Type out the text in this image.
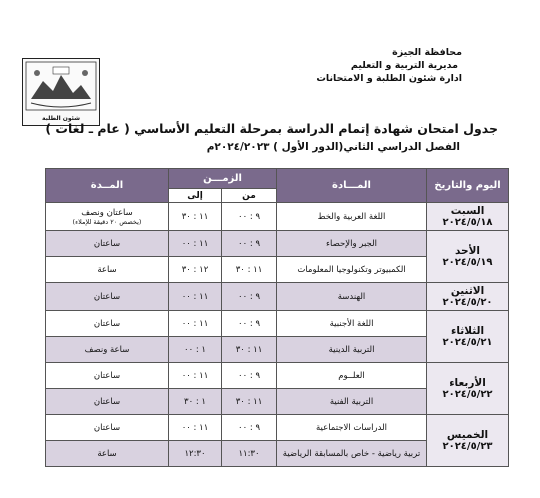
شئون الطلبة
محافظة الجيزة
مديرية التربية و التعليم
ادارة شئون الطلبة و الامتحانات
جدول امتحان شهادة إتمام الدراسة بمرحلة التعليم الأساسي ( عام ـ لغات )
الفصل الدراسي الثاني(الدور الأول ) ٢٠٢٤/٢٠٢٣م
اليوم والتاريخ	المـــادة	الزمـــن		المــدة
		من	إلى	

السبت
٢٠٢٤/٥/١٨	اللغة العربية والخط	٩ : ٠٠	١١ : ٣٠	ساعتان ونصف
(يخصص ٢٠ دقيقة للإملاء)

الأحد
٢٠٢٤/٥/١٩	الجبر والإحصاء	٩ : ٠٠	١١ : ٠٠	ساعتان

	الكمبيوتر وتكنولوجيا المعلومات	١١ : ٣٠	١٢ : ٣٠	ساعة

الاثنين
٢٠٢٤/٥/٢٠	الهندسة	٩ : ٠٠	١١ : ٠٠	ساعتان

الثلاثاء
٢٠٢٤/٥/٢١	اللغة الأجنبية	٩ : ٠٠	١١ : ٠٠	ساعتان

	التربية الدينية	١١ : ٣٠	١ : ٠٠	ساعة ونصف

الأربعاء
٢٠٢٤/٥/٢٢	العلــوم	٩ : ٠٠	١١ : ٠٠	ساعتان

	التربية الفنية	١١ : ٣٠	١ : ٣٠	ساعتان

الخميس
٢٠٢٤/٥/٢٣	الدراسات الاجتماعية	٩ : ٠٠	١١ : ٠٠	ساعتان

	تربية رياضية - خاص بالمسابقة الرياضية	١١:٣٠	١٢:٣٠	ساعة
